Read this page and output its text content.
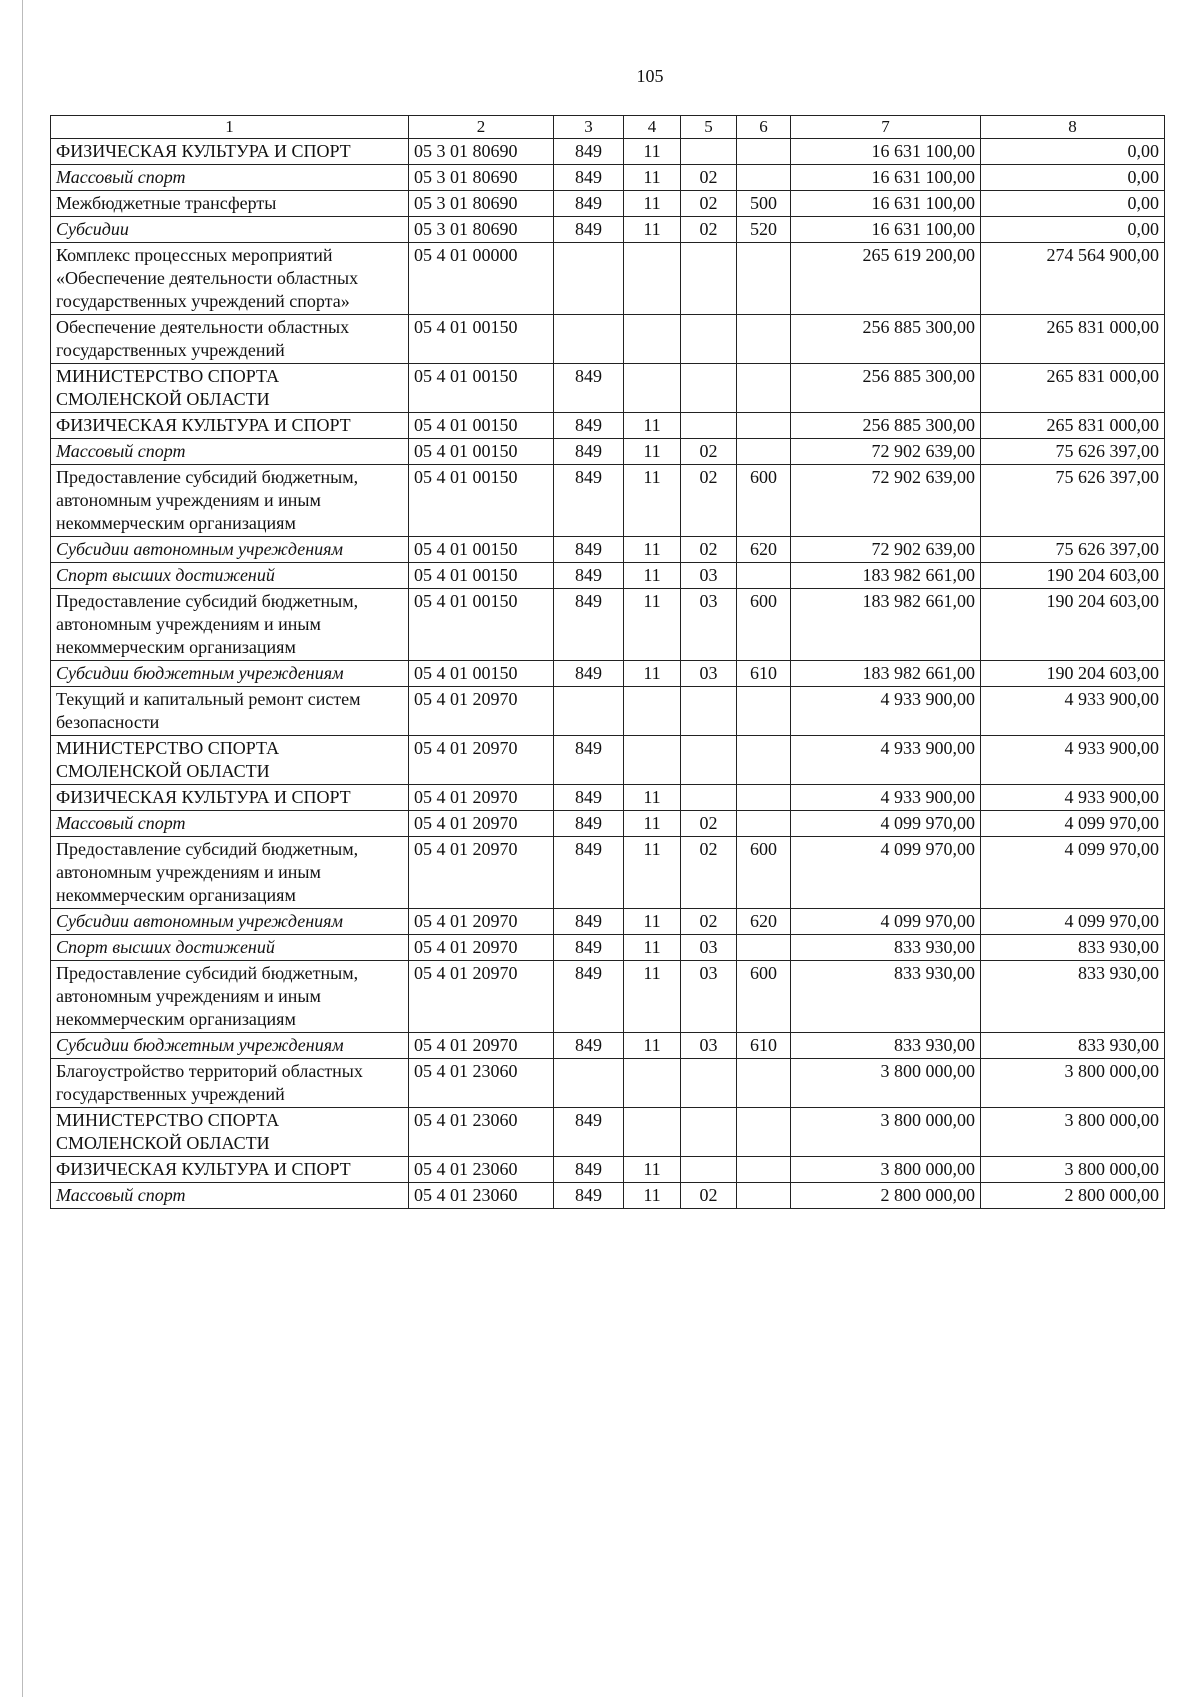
105
1	2	3	4	5	6	7	8
ФИЗИЧЕСКАЯ КУЛЬТУРА И СПОРТ	05 3 01 80690	849	11			16 631 100,00	0,00
Массовый спорт	05 3 01 80690	849	11	02		16 631 100,00	0,00
Межбюджетные трансферты	05 3 01 80690	849	11	02	500	16 631 100,00	0,00
Субсидии	05 3 01 80690	849	11	02	520	16 631 100,00	0,00
Комплекс процессных мероприятий «Обеспечение деятельности областных государственных учреждений спорта»	05 4 01 00000					265 619 200,00	274 564 900,00
Обеспечение деятельности областных государственных учреждений	05 4 01 00150					256 885 300,00	265 831 000,00
МИНИСТЕРСТВО СПОРТА СМОЛЕНСКОЙ ОБЛАСТИ	05 4 01 00150	849				256 885 300,00	265 831 000,00
ФИЗИЧЕСКАЯ КУЛЬТУРА И СПОРТ	05 4 01 00150	849	11			256 885 300,00	265 831 000,00
Массовый спорт	05 4 01 00150	849	11	02		72 902 639,00	75 626 397,00
Предоставление субсидий бюджетным, автономным учреждениям и иным некоммерческим организациям	05 4 01 00150	849	11	02	600	72 902 639,00	75 626 397,00
Субсидии автономным учреждениям	05 4 01 00150	849	11	02	620	72 902 639,00	75 626 397,00
Спорт высших достижений	05 4 01 00150	849	11	03		183 982 661,00	190 204 603,00
Предоставление субсидий бюджетным, автономным учреждениям и иным некоммерческим организациям	05 4 01 00150	849	11	03	600	183 982 661,00	190 204 603,00
Субсидии бюджетным учреждениям	05 4 01 00150	849	11	03	610	183 982 661,00	190 204 603,00
Текущий и капитальный ремонт систем безопасности	05 4 01 20970					4 933 900,00	4 933 900,00
МИНИСТЕРСТВО СПОРТА СМОЛЕНСКОЙ ОБЛАСТИ	05 4 01 20970	849				4 933 900,00	4 933 900,00
ФИЗИЧЕСКАЯ КУЛЬТУРА И СПОРТ	05 4 01 20970	849	11			4 933 900,00	4 933 900,00
Массовый спорт	05 4 01 20970	849	11	02		4 099 970,00	4 099 970,00
Предоставление субсидий бюджетным, автономным учреждениям и иным некоммерческим организациям	05 4 01 20970	849	11	02	600	4 099 970,00	4 099 970,00
Субсидии автономным учреждениям	05 4 01 20970	849	11	02	620	4 099 970,00	4 099 970,00
Спорт высших достижений	05 4 01 20970	849	11	03		833 930,00	833 930,00
Предоставление субсидий бюджетным, автономным учреждениям и иным некоммерческим организациям	05 4 01 20970	849	11	03	600	833 930,00	833 930,00
Субсидии бюджетным учреждениям	05 4 01 20970	849	11	03	610	833 930,00	833 930,00
Благоустройство территорий областных государственных учреждений	05 4 01 23060					3 800 000,00	3 800 000,00
МИНИСТЕРСТВО СПОРТА СМОЛЕНСКОЙ ОБЛАСТИ	05 4 01 23060	849				3 800 000,00	3 800 000,00
ФИЗИЧЕСКАЯ КУЛЬТУРА И СПОРТ	05 4 01 23060	849	11			3 800 000,00	3 800 000,00
Массовый спорт	05 4 01 23060	849	11	02		2 800 000,00	2 800 000,00
